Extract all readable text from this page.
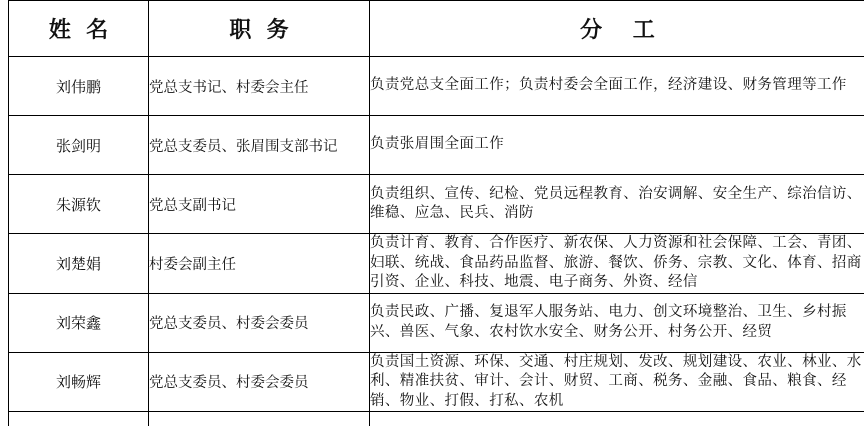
姓  名	职  务	分    工
刘伟鹏	党总支书记、村委会主任	负责党总支全面工作；负责村委会全面工作，经济建设、财务管理等工作
张剑明	党总支委员、张眉围支部书记	负责张眉围全面工作
朱源钦	党总支副书记	负责组织、宣传、纪检、党员远程教育、治安调解、安全生产、综治信访、维稳、应急、民兵、消防
刘楚娟	村委会副主任	负责计育、教育、合作医疗、新农保、人力资源和社会保障、工会、青团、妇联、统战、食品药品监督、旅游、餐饮、侨务、宗教、文化、体育、招商引资、企业、科技、地震、电子商务、外资、经信
刘荣鑫	党总支委员、村委会委员	负责民政、广播、复退军人服务站、电力、创文环境整治、卫生、乡村振兴、兽医、气象、农村饮水安全、财务公开、村务公开、经贸
刘畅辉	党总支委员、村委会委员	负责国土资源、环保、交通、村庄规划、发改、规划建设、农业、林业、水利、精准扶贫、审计、会计、财贸、工商、税务、金融、食品、粮食、经销、物业、打假、打私、农机
